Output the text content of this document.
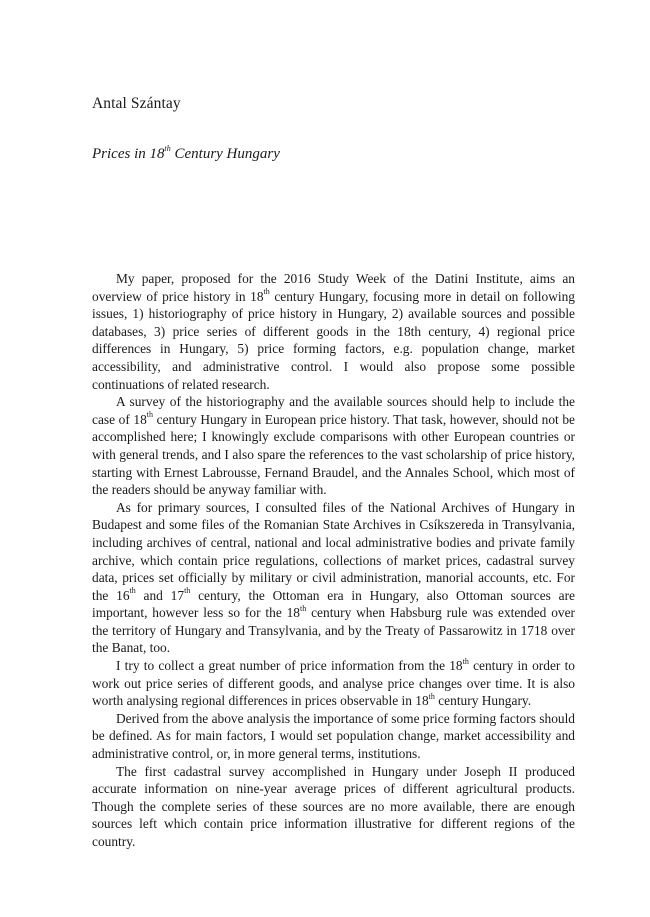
Antal Szántay
Prices in 18th Century Hungary

My paper, proposed for the 2016 Study Week of the Datini Institute, aims an overview of price history in 18th century Hungary, focusing more in detail on following issues, 1) historiography of price history in Hungary, 2) available sources and possible databases, 3) price series of different goods in the 18th century, 4) regional price differences in Hungary, 5) price forming factors, e.g. population change, market accessibility, and administrative control. I would also propose some possible continuations of related research.

A survey of the historiography and the available sources should help to include the case of 18th century Hungary in European price history. That task, however, should not be accomplished here; I knowingly exclude comparisons with other European countries or with general trends, and I also spare the references to the vast scholarship of price history, starting with Ernest Labrousse, Fernand Braudel, and the Annales School, which most of the readers should be anyway familiar with.

As for primary sources, I consulted files of the National Archives of Hungary in Budapest and some files of the Romanian State Archives in Csíkszereda in Transylvania, including archives of central, national and local administrative bodies and private family archive, which contain price regulations, collections of market prices, cadastral survey data, prices set officially by military or civil administration, manorial accounts, etc. For the 16th and 17th century, the Ottoman era in Hungary, also Ottoman sources are important, however less so for the 18th century when Habsburg rule was extended over the territory of Hungary and Transylvania, and by the Treaty of Passarowitz in 1718 over the Banat, too.

I try to collect a great number of price information from the 18th century in order to work out price series of different goods, and analyse price changes over time. It is also worth analysing regional differences in prices observable in 18th century Hungary.

Derived from the above analysis the importance of some price forming factors should be defined. As for main factors, I would set population change, market accessibility and administrative control, or, in more general terms, institutions.

The first cadastral survey accomplished in Hungary under Joseph II produced accurate information on nine-year average prices of different agricultural products. Though the complete series of these sources are no more available, there are enough sources left which contain price information illustrative for different regions of the country.
